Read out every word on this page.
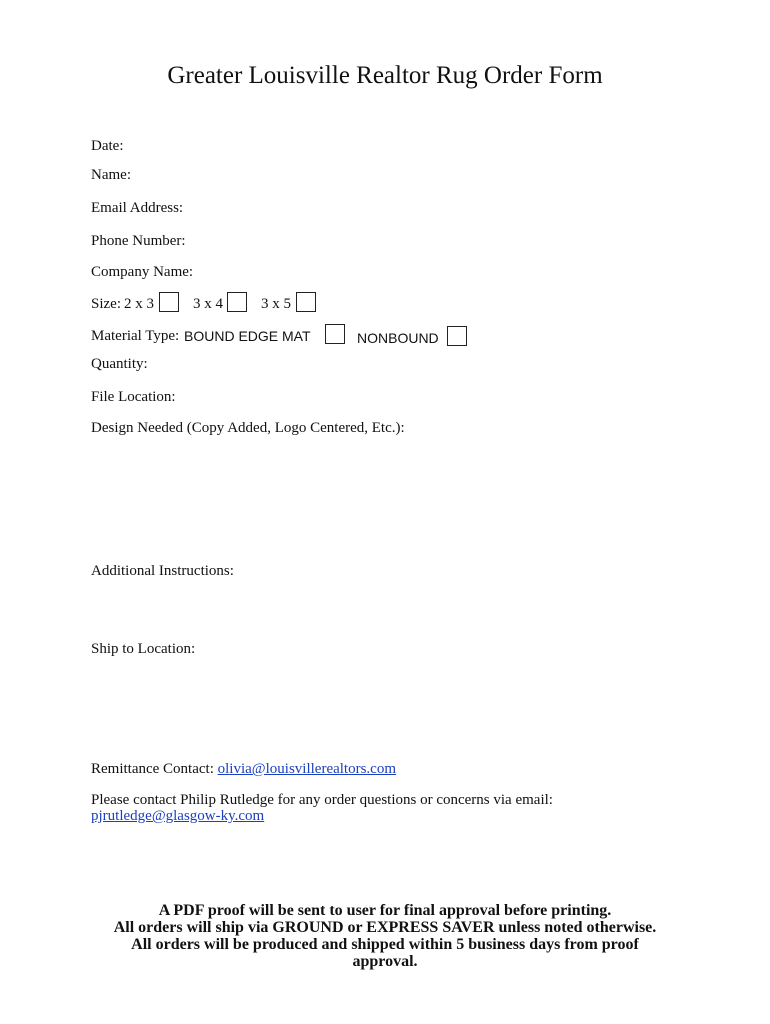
Greater Louisville Realtor Rug Order Form
Date:
Name:
Email Address:
Phone Number:
Company Name:
Size: 2 x 3	3 x 4	3 x 5
Material Type: BOUND EDGE MAT	NONBOUND
Quantity:
File Location:
Design Needed (Copy Added, Logo Centered, Etc.):
Additional Instructions:
Ship to Location:
Remittance Contact: olivia@louisvillerealtors.com
Please contact Philip Rutledge for any order questions or concerns via email:
pjrutledge@glasgow-ky.com
A PDF proof will be sent to user for final approval before printing.
All orders will ship via GROUND or EXPRESS SAVER unless noted otherwise.
All orders will be produced and shipped within 5 business days from proof
approval.
